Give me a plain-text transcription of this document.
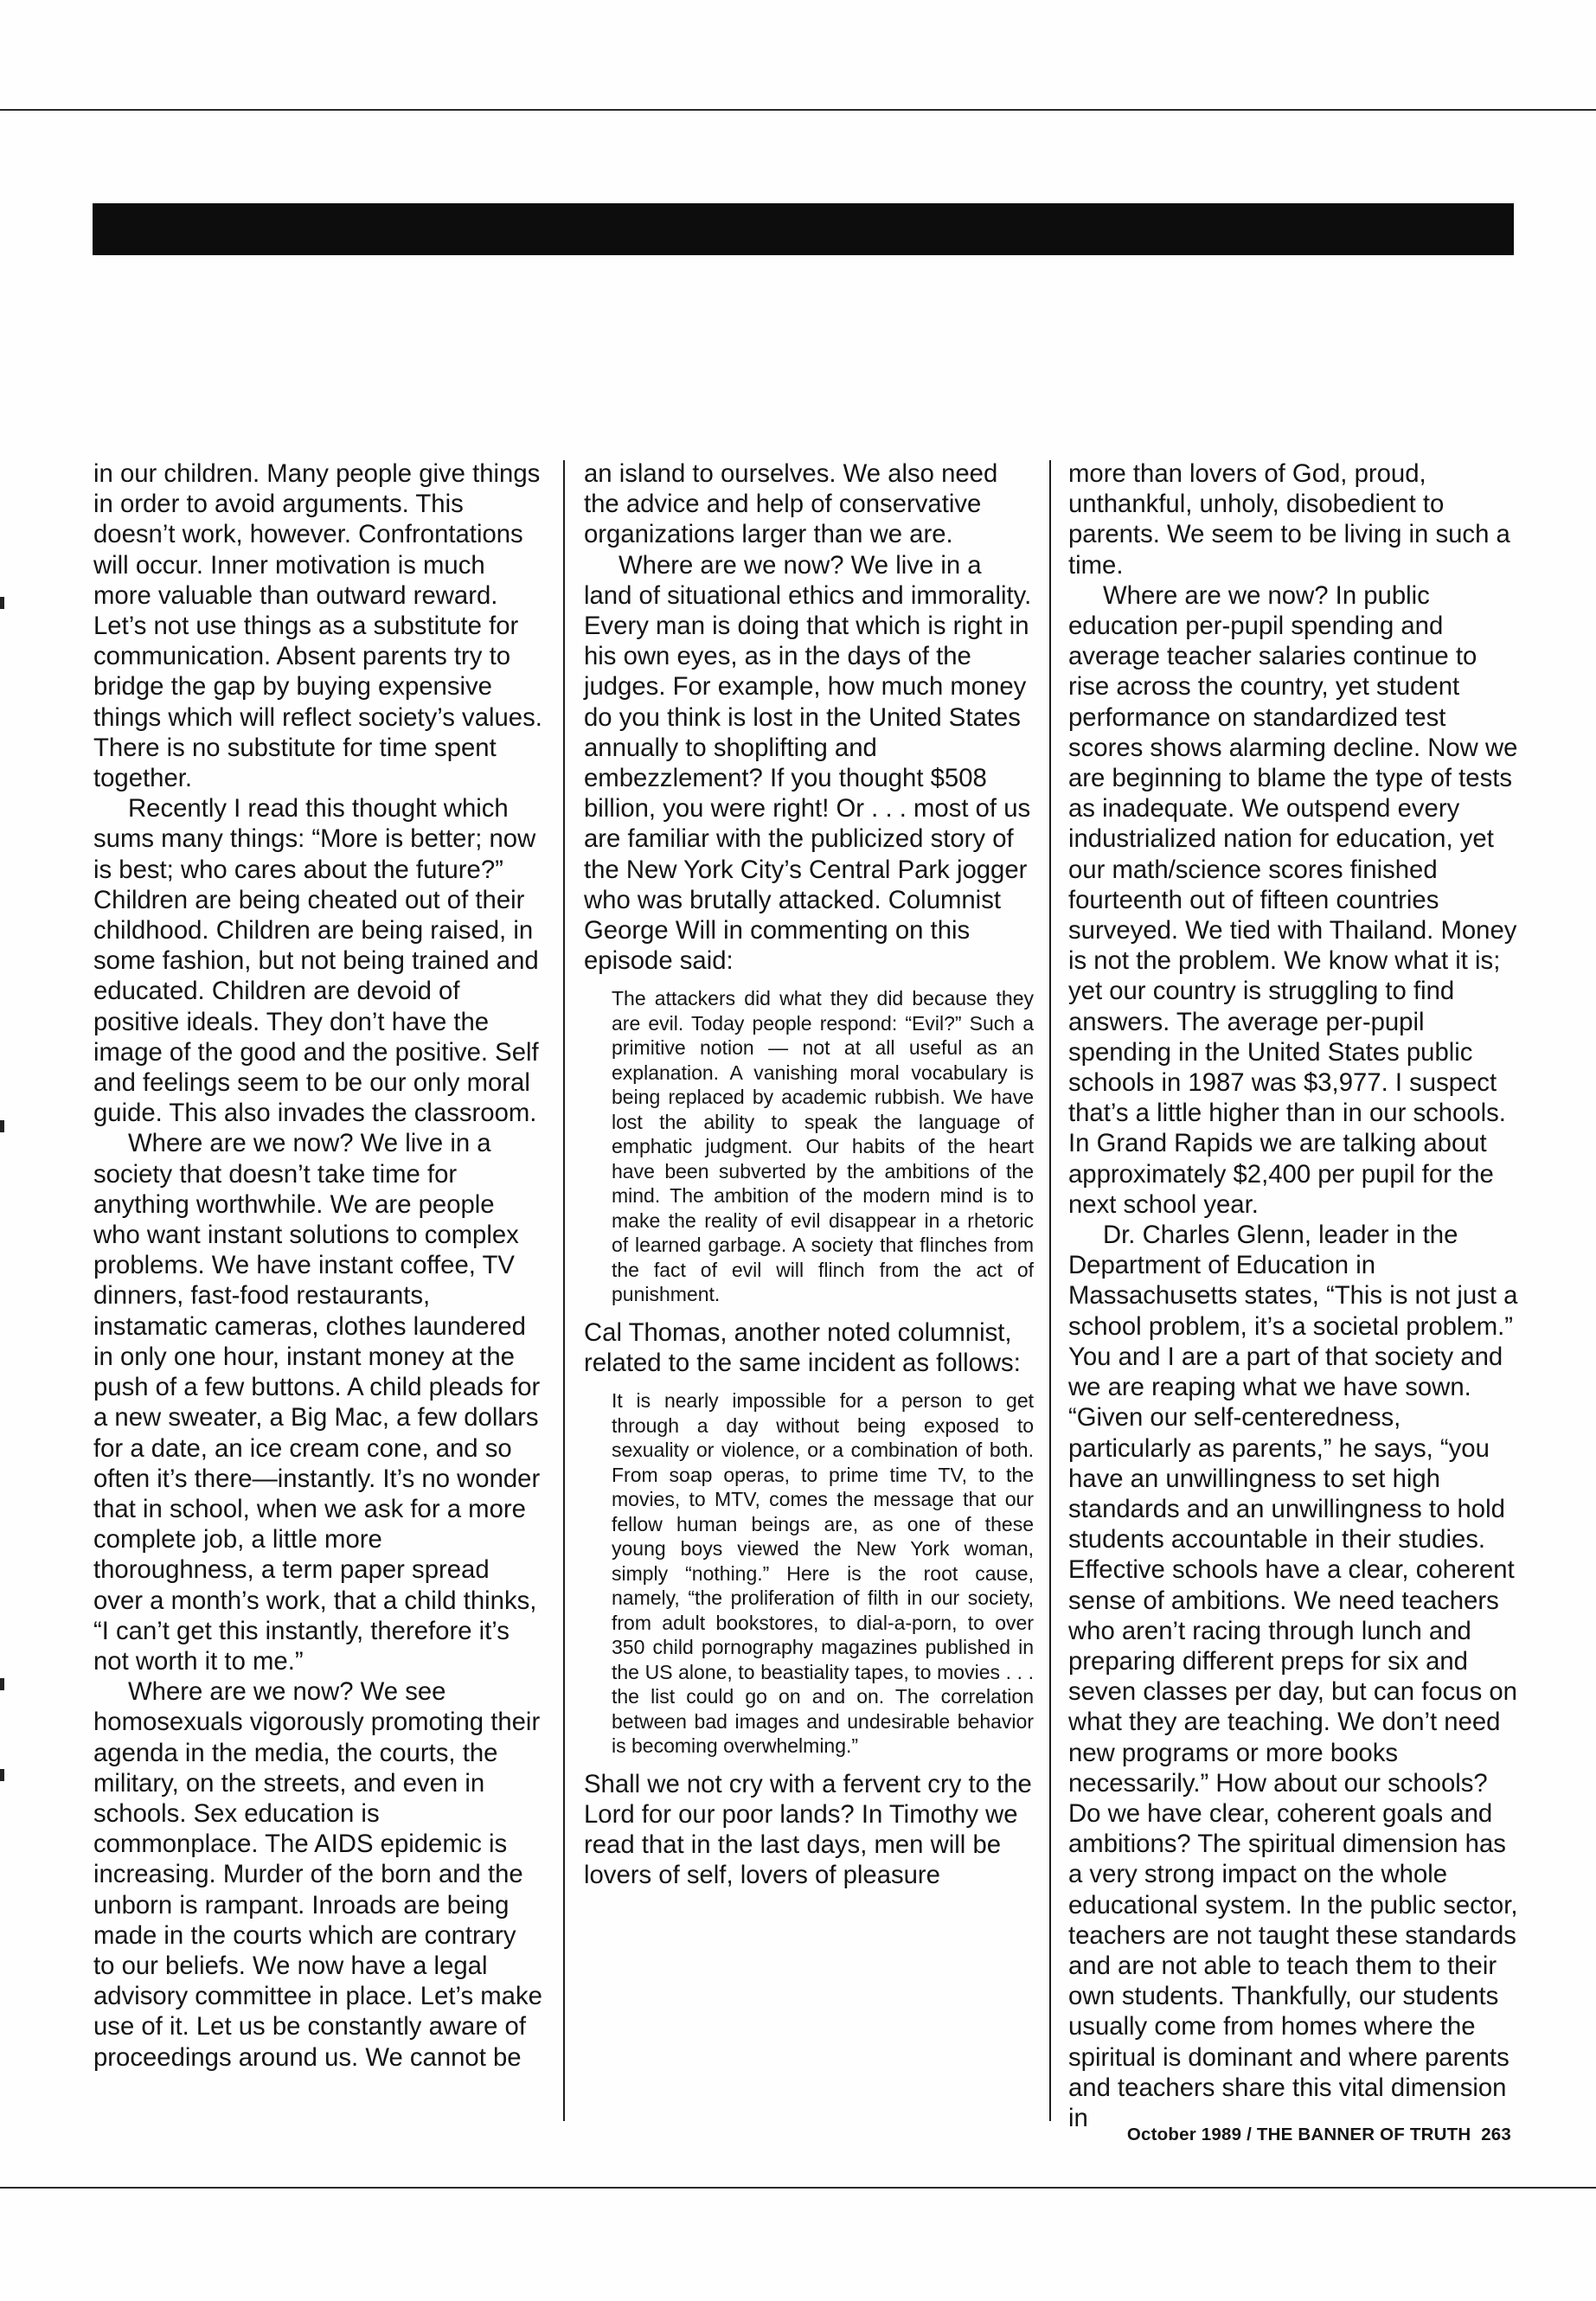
in our children. Many people give things in order to avoid arguments. This doesn’t work, however. Confrontations will occur. Inner motivation is much more valuable than outward reward. Let’s not use things as a substitute for communication. Absent parents try to bridge the gap by buying expensive things which will reflect society’s values. There is no substitute for time spent together.

Recently I read this thought which sums many things: “More is better; now is best; who cares about the future?” Children are being cheated out of their childhood. Children are being raised, in some fashion, but not being trained and educated. Children are devoid of positive ideals. They don’t have the image of the good and the positive. Self and feelings seem to be our only moral guide. This also invades the classroom.

Where are we now? We live in a society that doesn’t take time for anything worthwhile. We are people who want instant solutions to complex problems. We have instant coffee, TV dinners, fast-food restaurants, instamatic cameras, clothes laundered in only one hour, instant money at the push of a few buttons. A child pleads for a new sweater, a Big Mac, a few dollars for a date, an ice cream cone, and so often it’s there—instantly. It’s no wonder that in school, when we ask for a more complete job, a little more thoroughness, a term paper spread over a month’s work, that a child thinks, “I can’t get this instantly, therefore it’s not worth it to me.”

Where are we now? We see homosexuals vigorously promoting their agenda in the media, the courts, the military, on the streets, and even in schools. Sex education is commonplace. The AIDS epidemic is increasing. Murder of the born and the unborn is rampant. Inroads are being made in the courts which are contrary to our beliefs. We now have a legal advisory committee in place. Let’s make use of it. Let us be constantly aware of proceedings around us. We cannot be

an island to ourselves. We also need the advice and help of conservative organizations larger than we are.

Where are we now? We live in a land of situational ethics and immorality. Every man is doing that which is right in his own eyes, as in the days of the judges. For example, how much money do you think is lost in the United States annually to shoplifting and embezzlement? If you thought $508 billion, you were right! Or . . . most of us are familiar with the publicized story of the New York City’s Central Park jogger who was brutally attacked. Columnist George Will in commenting on this episode said:

The attackers did what they did because they are evil. Today people respond: “Evil?” Such a primitive notion — not at all useful as an explanation. A vanishing moral vocabulary is being replaced by academic rubbish. We have lost the ability to speak the language of emphatic judgment. Our habits of the heart have been subverted by the ambitions of the mind. The ambition of the modern mind is to make the reality of evil disappear in a rhetoric of learned garbage. A society that flinches from the fact of evil will flinch from the act of punishment.

Cal Thomas, another noted columnist, related to the same incident as follows:

It is nearly impossible for a person to get through a day without being exposed to sexuality or violence, or a combination of both. From soap operas, to prime time TV, to the movies, to MTV, comes the message that our fellow human beings are, as one of these young boys viewed the New York woman, simply “nothing.” Here is the root cause, namely, “the proliferation of filth in our society, from adult bookstores, to dial-a-porn, to over 350 child pornography magazines published in the US alone, to beastiality tapes, to movies . . . the list could go on and on. The correlation between bad images and undesirable behavior is becoming overwhelming.”

Shall we not cry with a fervent cry to the Lord for our poor lands? In Timothy we read that in the last days, men will be lovers of self, lovers of pleasure

more than lovers of God, proud, unthankful, unholy, disobedient to parents. We seem to be living in such a time.

Where are we now? In public education per-pupil spending and average teacher salaries continue to rise across the country, yet student performance on standardized test scores shows alarming decline. Now we are beginning to blame the type of tests as inadequate. We outspend every industrialized nation for education, yet our math/science scores finished fourteenth out of fifteen countries surveyed. We tied with Thailand. Money is not the problem. We know what it is; yet our country is struggling to find answers. The average per-pupil spending in the United States public schools in 1987 was $3,977. I suspect that’s a little higher than in our schools. In Grand Rapids we are talking about approximately $2,400 per pupil for the next school year.

Dr. Charles Glenn, leader in the Department of Education in Massachusetts states, “This is not just a school problem, it’s a societal problem.” You and I are a part of that society and we are reaping what we have sown. “Given our self-centeredness, particularly as parents,” he says, “you have an unwillingness to set high standards and an unwillingness to hold students accountable in their studies. Effective schools have a clear, coherent sense of ambitions. We need teachers who aren’t racing through lunch and preparing different preps for six and seven classes per day, but can focus on what they are teaching. We don’t need new programs or more books necessarily.” How about our schools? Do we have clear, coherent goals and ambitions? The spiritual dimension has a very strong impact on the whole educational system. In the public sector, teachers are not taught these standards and are not able to teach them to their own students. Thankfully, our students usually come from homes where the spiritual is dominant and where parents and teachers share this vital dimension in

October 1989 / THE BANNER OF TRUTH 263
